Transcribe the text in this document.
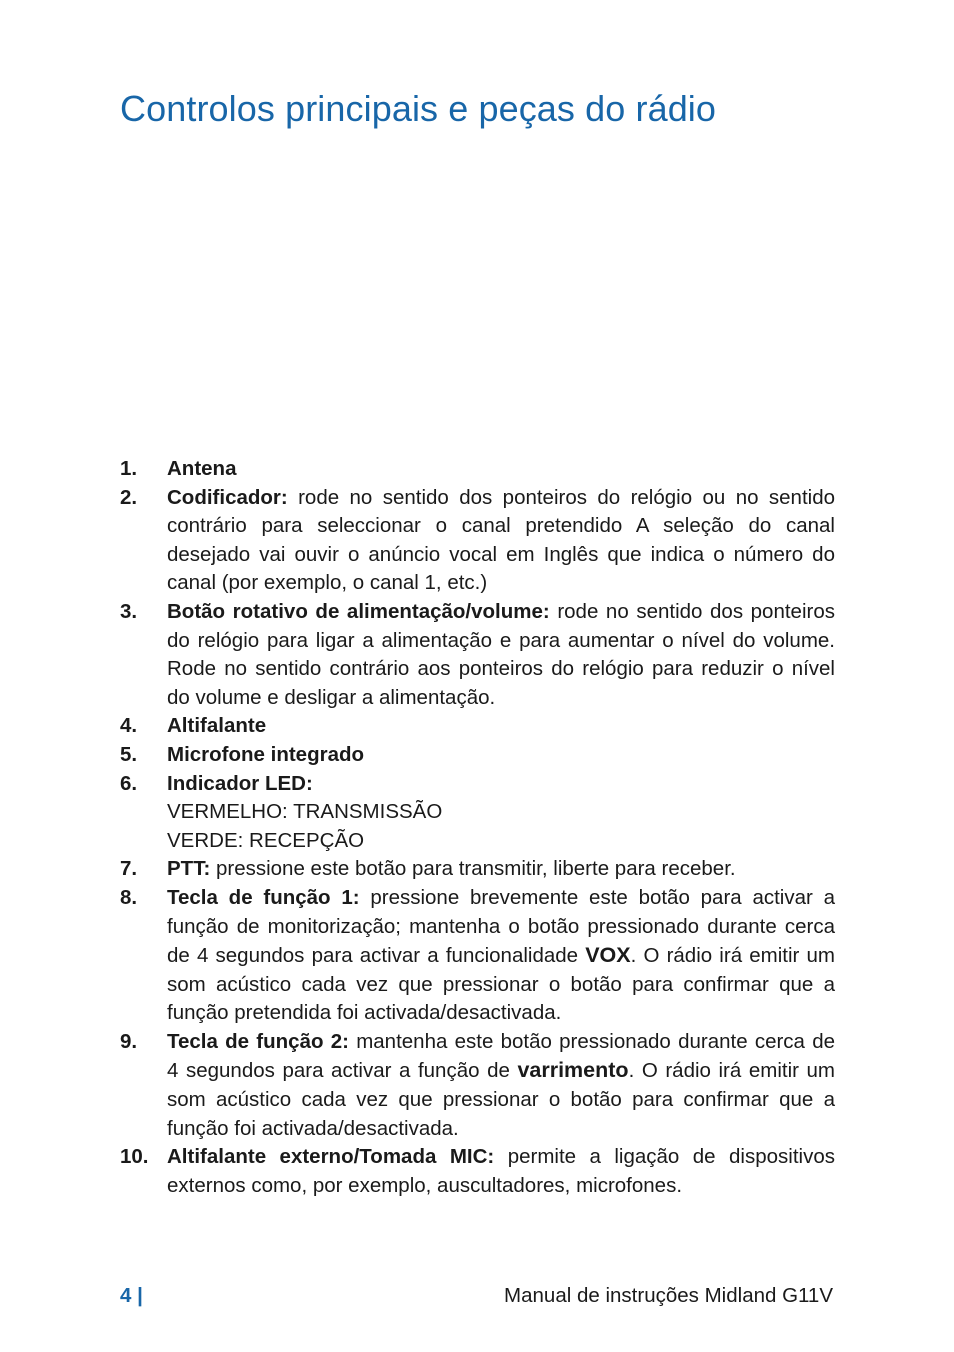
Controlos principais e peças do rádio
1.	Antena
2.	Codificador: rode no sentido dos ponteiros do relógio ou no sentido contrário para seleccionar o canal pretendido A seleção do canal desejado vai ouvir o anúncio vocal em Inglês que indica o número do canal (por exemplo, o canal 1, etc.)
3.	Botão rotativo de alimentação/volume: rode no sentido dos ponteiros do relógio para ligar a alimentação e para aumentar o nível do volume. Rode no sentido contrário aos ponteiros do relógio para reduzir o nível do volume e desligar a alimentação.
4.	Altifalante
5.	Microfone integrado
6.	Indicador LED:
VERMELHO: TRANSMISSÃO
VERDE: RECEPÇÃO
7.	PTT: pressione este botão para transmitir, liberte para receber.
8.	Tecla de função 1: pressione brevemente este botão para activar a função de monitorização; mantenha o botão pressionado durante cerca de 4 segundos para activar a funcionalidade VOX. O rádio irá emitir um som acústico cada vez que pressionar o botão para confirmar que a função pretendida foi activada/desactivada.
9.	Tecla de função 2: mantenha este botão pressionado durante cerca de 4 segundos para activar a função de varrimento. O rádio irá emitir um som acústico cada vez que pressionar o botão para confirmar que a função foi activada/desactivada.
10. Altifalante externo/Tomada MIC: permite a ligação de dispositivos externos como, por exemplo, auscultadores, microfones.
4 |	Manual de instruções Midland G11V
